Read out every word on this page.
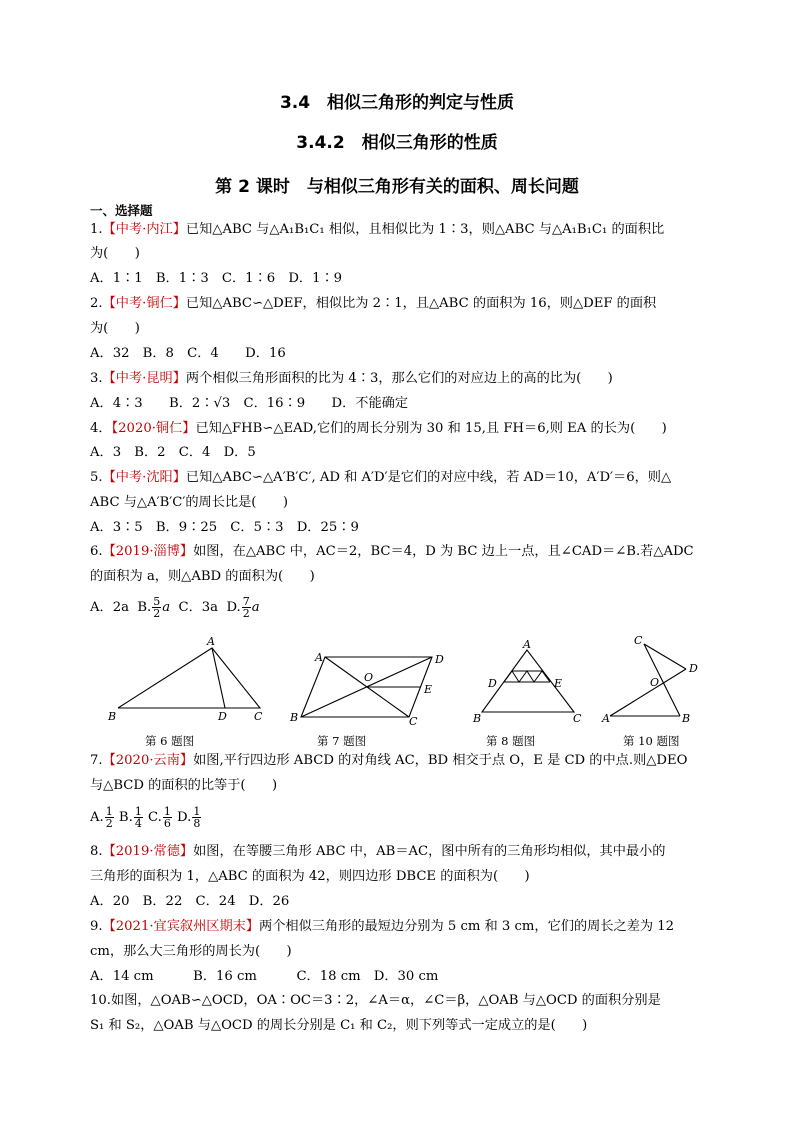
3.4　相似三角形的判定与性质
3.4.2　相似三角形的性质
第 2 课时　与相似三角形有关的面积、周长问题
一、选择题
1.【中考·内江】已知△ABC 与△A₁B₁C₁ 相似，且相似比为 1∶3，则△ABC 与△A₁B₁C₁ 的面积比
为(　　)
A．1∶1　B．1∶3　C．1∶6　D．1∶9
2.【中考·铜仁】已知△ABC∽△DEF，相似比为 2∶1，且△ABC 的面积为 16，则△DEF 的面积
为(　　)
A．32　B．8　C．4　　D．16
3.【中考·昆明】两个相似三角形面积的比为 4∶3，那么它们的对应边上的高的比为(　　)
A．4∶3　　B．2∶√3　C．16∶9　　D．不能确定
4．【2020·铜仁】已知△FHB∽△EAD,它们的周长分别为 30 和 15,且 FH＝6,则 EA 的长为(　　)
A．3　B．2　C．4　D．5
5.【中考·沈阳】已知△ABC∽△A′B′C′, AD 和 A′D′是它们的对应中线，若 AD＝10，A′D′＝6，则△
ABC 与△A′B′C′的周长比是(　　)
A．3∶5　B．9∶25　C．5∶3　D．25∶9
6.【2019·淄博】如图，在△ABC 中，AC＝2，BC＝4，D 为 BC 边上一点，且∠CAD＝∠B.若△ADC
的面积为 a，则△ABD 的面积为(　　)
A．2a B. $\frac{5}{2}$ a C．3a D. $\frac{7}{2}$ a
A
B	D C
第 6 题图
A	D
O
E
B	C
第 7 题图
A
D	E
B	C
第 8 题图
C
D
O
A	B
第 10 题图
7.【2020·云南】如图,平行四边形 ABCD 的对角线 AC，BD 相交于点 O，E 是 CD 的中点.则△DEO
与△BCD 的面积的比等于(　　)
A. $\frac{1}{2} B$. $\frac{1}{4} C$. $\frac{1}{6} D$. $\frac{1}{8}$
8.【2019·常德】如图，在等腰三角形 ABC 中，AB＝AC，图中所有的三角形均相似，其中最小的
三角形的面积为 1，△ABC 的面积为 42，则四边形 DBCE 的面积为(　　)
A．20　B．22　C．24　D．26
9.【2021·宜宾叙州区期末】两个相似三角形的最短边分别为 5 cm 和 3 cm，它们的周长之差为 12
cm，那么大三角形的周长为(　　)
A．14 cm　　　B．16 cm　　　C．18 cm　D．30 cm
10.如图，△OAB∽△OCD，OA∶OC＝3∶2，∠A＝α，∠C＝β，△OAB 与△OCD 的面积分别是
S₁ 和 S₂，△OAB 与△OCD 的周长分别是 C₁ 和 C₂，则下列等式一定成立的是(　　)
